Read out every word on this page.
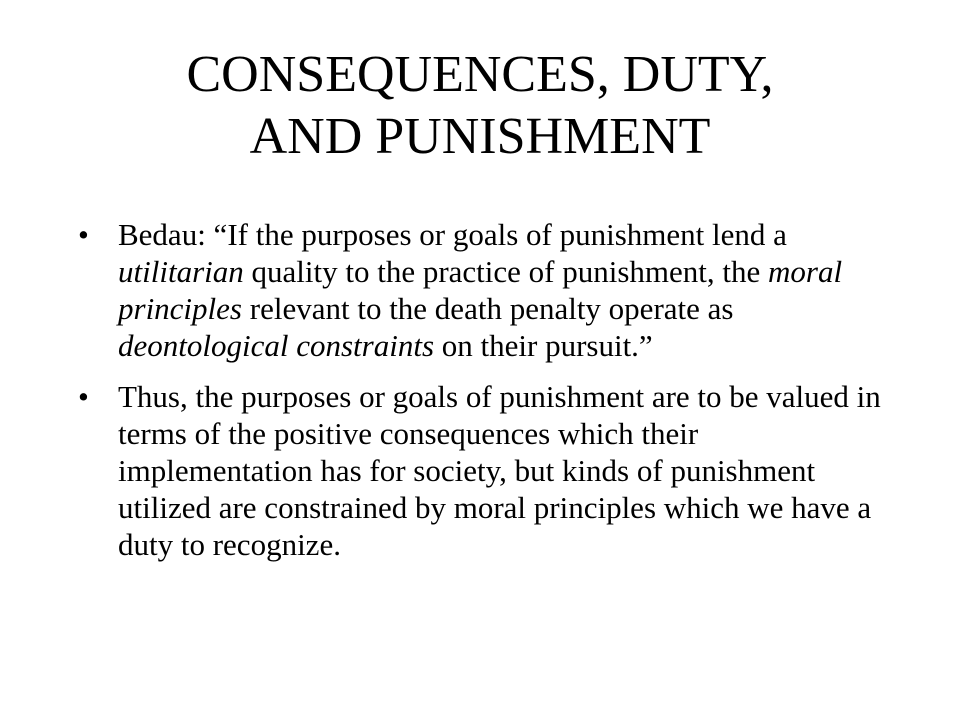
CONSEQUENCES, DUTY,
AND PUNISHMENT
• Bedau: “If the purposes or goals of punishment lend a utilitarian quality to the practice of punishment, the moral principles relevant to the death penalty operate as deontological constraints on their pursuit.”
• Thus, the purposes or goals of punishment are to be valued in terms of the positive consequences which their implementation has for society, but kinds of punishment utilized are constrained by moral principles which we have a duty to recognize.
